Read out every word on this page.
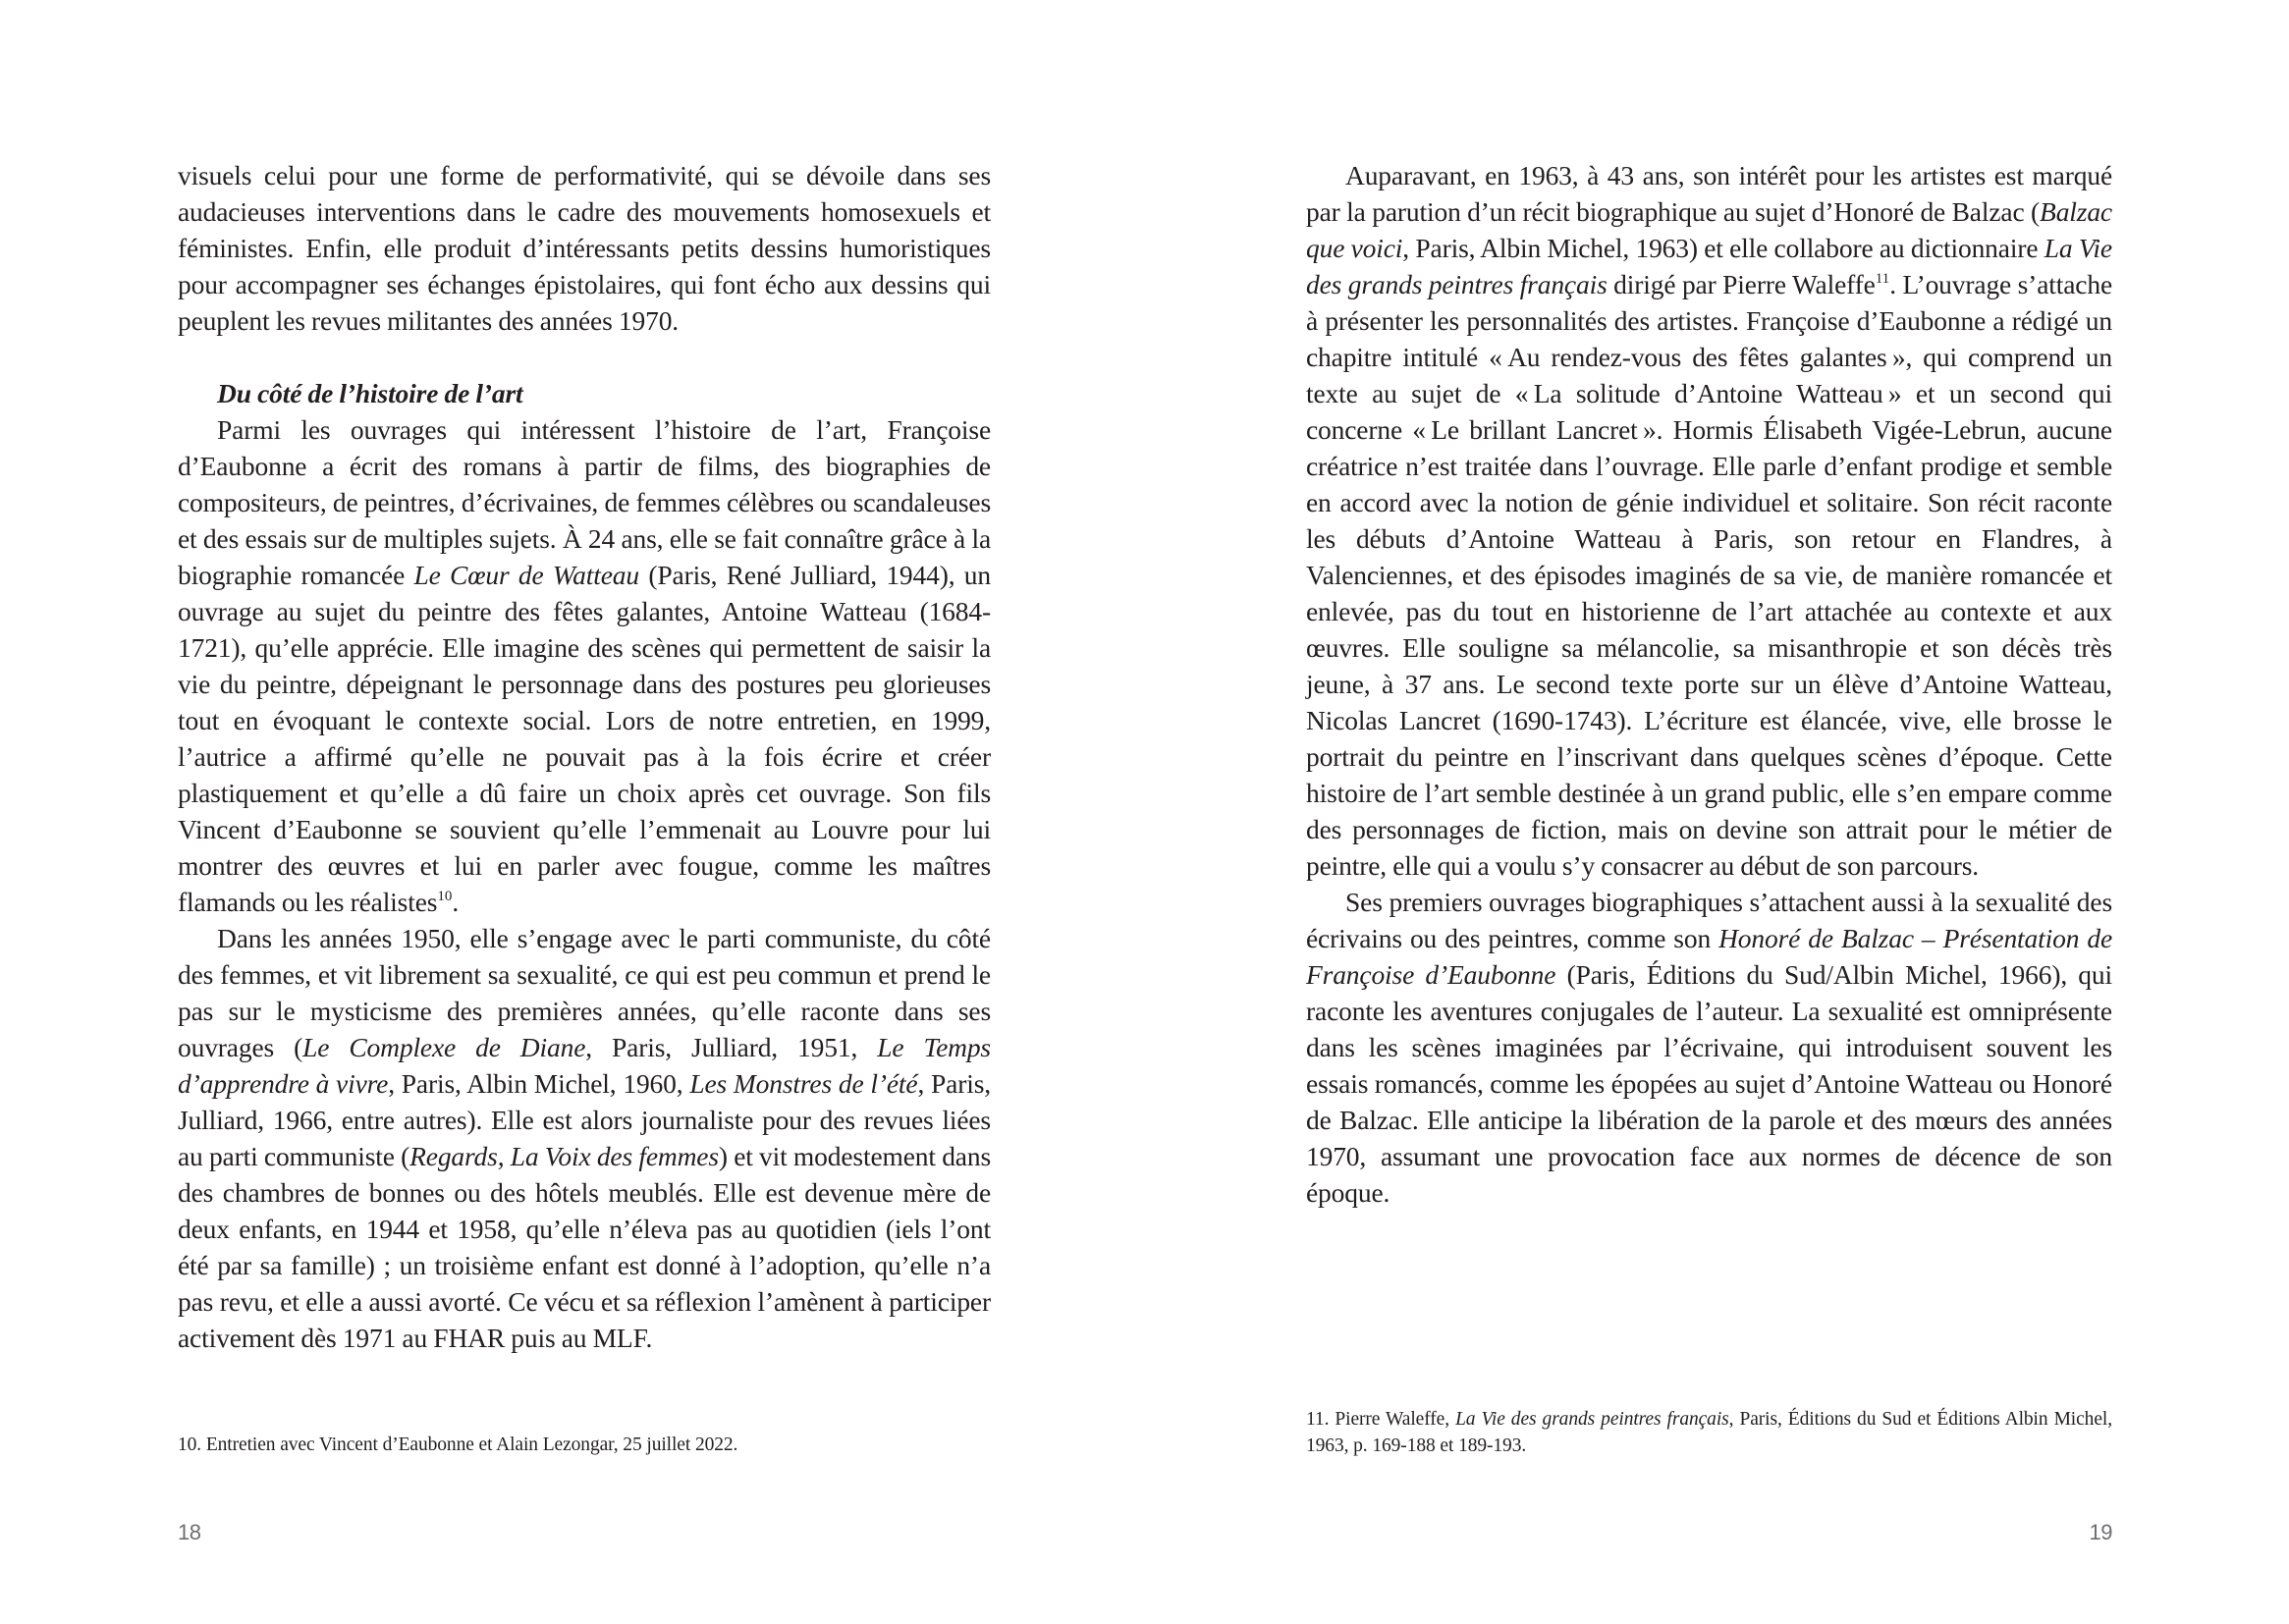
visuels celui pour une forme de performativité, qui se dévoile dans ses audacieuses interventions dans le cadre des mouvements homosexuels et féministes. Enfin, elle produit d’intéressants petits dessins humoristiques pour accompagner ses échanges épistolaires, qui font écho aux dessins qui peuplent les revues militantes des années 1970.

Du côté de l’histoire de l’art

Parmi les ouvrages qui intéressent l’histoire de l’art, Françoise d’Eaubonne a écrit des romans à partir de films, des biographies de compositeurs, de peintres, d’écrivaines, de femmes célèbres ou scandaleuses et des essais sur de multiples sujets. À 24 ans, elle se fait connaître grâce à la biographie romancée Le Cœur de Watteau (Paris, René Julliard, 1944), un ouvrage au sujet du peintre des fêtes galantes, Antoine Watteau (1684-1721), qu’elle apprécie. Elle imagine des scènes qui permettent de saisir la vie du peintre, dépeignant le personnage dans des postures peu glorieuses tout en évoquant le contexte social. Lors de notre entretien, en 1999, l’autrice a affirmé qu’elle ne pouvait pas à la fois écrire et créer plastiquement et qu’elle a dû faire un choix après cet ouvrage. Son fils Vincent d’Eaubonne se souvient qu’elle l’emmenait au Louvre pour lui montrer des œuvres et lui en parler avec fougue, comme les maîtres flamands ou les réalistes$^{10}$.

Dans les années 1950, elle s’engage avec le parti communiste, du côté des femmes, et vit librement sa sexualité, ce qui est peu commun et prend le pas sur le mysticisme des premières années, qu’elle raconte dans ses ouvrages (Le Complexe de Diane, Paris, Julliard, 1951, Le Temps d’apprendre à vivre, Paris, Albin Michel, 1960, Les Monstres de l’été, Paris, Julliard, 1966, entre autres). Elle est alors journaliste pour des revues liées au parti communiste (Regards, La Voix des femmes) et vit modestement dans des chambres de bonnes ou des hôtels meublés. Elle est devenue mère de deux enfants, en 1944 et 1958, qu’elle n’éleva pas au quotidien (iels l’ont été par sa famille) ; un troisième enfant est donné à l’adoption, qu’elle n’a pas revu, et elle a aussi avorté. Ce vécu et sa réflexion l’amènent à participer activement dès 1971 au FHAR puis au MLF.

10. Entretien avec Vincent d’Eaubonne et Alain Lezongar, 25 juillet 2022.

18

Auparavant, en 1963, à 43 ans, son intérêt pour les artistes est marqué par la parution d’un récit biographique au sujet d’Honoré de Balzac (Balzac que voici, Paris, Albin Michel, 1963) et elle collabore au dictionnaire La Vie des grands peintres français dirigé par Pierre Waleffe$^{11}$. L’ouvrage s’attache à présenter les personnalités des artistes. Françoise d’Eaubonne a rédigé un chapitre intitulé « Au rendez-vous des fêtes galantes », qui comprend un texte au sujet de « La solitude d’Antoine Watteau » et un second qui concerne « Le brillant Lancret ». Hormis Élisabeth Vigée-Lebrun, aucune créatrice n’est traitée dans l’ouvrage. Elle parle d’enfant prodige et semble en accord avec la notion de génie individuel et solitaire. Son récit raconte les débuts d’Antoine Watteau à Paris, son retour en Flandres, à Valenciennes, et des épisodes imaginés de sa vie, de manière romancée et enlevée, pas du tout en historienne de l’art attachée au contexte et aux œuvres. Elle souligne sa mélancolie, sa misanthropie et son décès très jeune, à 37 ans. Le second texte porte sur un élève d’Antoine Watteau, Nicolas Lancret (1690-1743). L’écriture est élancée, vive, elle brosse le portrait du peintre en l’inscrivant dans quelques scènes d’époque. Cette histoire de l’art semble destinée à un grand public, elle s’en empare comme des personnages de fiction, mais on devine son attrait pour le métier de peintre, elle qui a voulu s’y consacrer au début de son parcours.

Ses premiers ouvrages biographiques s’attachent aussi à la sexualité des écrivains ou des peintres, comme son Honoré de Balzac – Présentation de Françoise d’Eaubonne (Paris, Éditions du Sud/Albin Michel, 1966), qui raconte les aventures conjugales de l’auteur. La sexualité est omniprésente dans les scènes imaginées par l’écrivaine, qui introduisent souvent les essais romancés, comme les épopées au sujet d’Antoine Watteau ou Honoré de Balzac. Elle anticipe la libération de la parole et des mœurs des années 1970, assumant une provocation face aux normes de décence de son époque.

11. Pierre Waleffe, La Vie des grands peintres français, Paris, Éditions du Sud et Éditions Albin Michel, 1963, p. 169-188 et 189-193.

19
